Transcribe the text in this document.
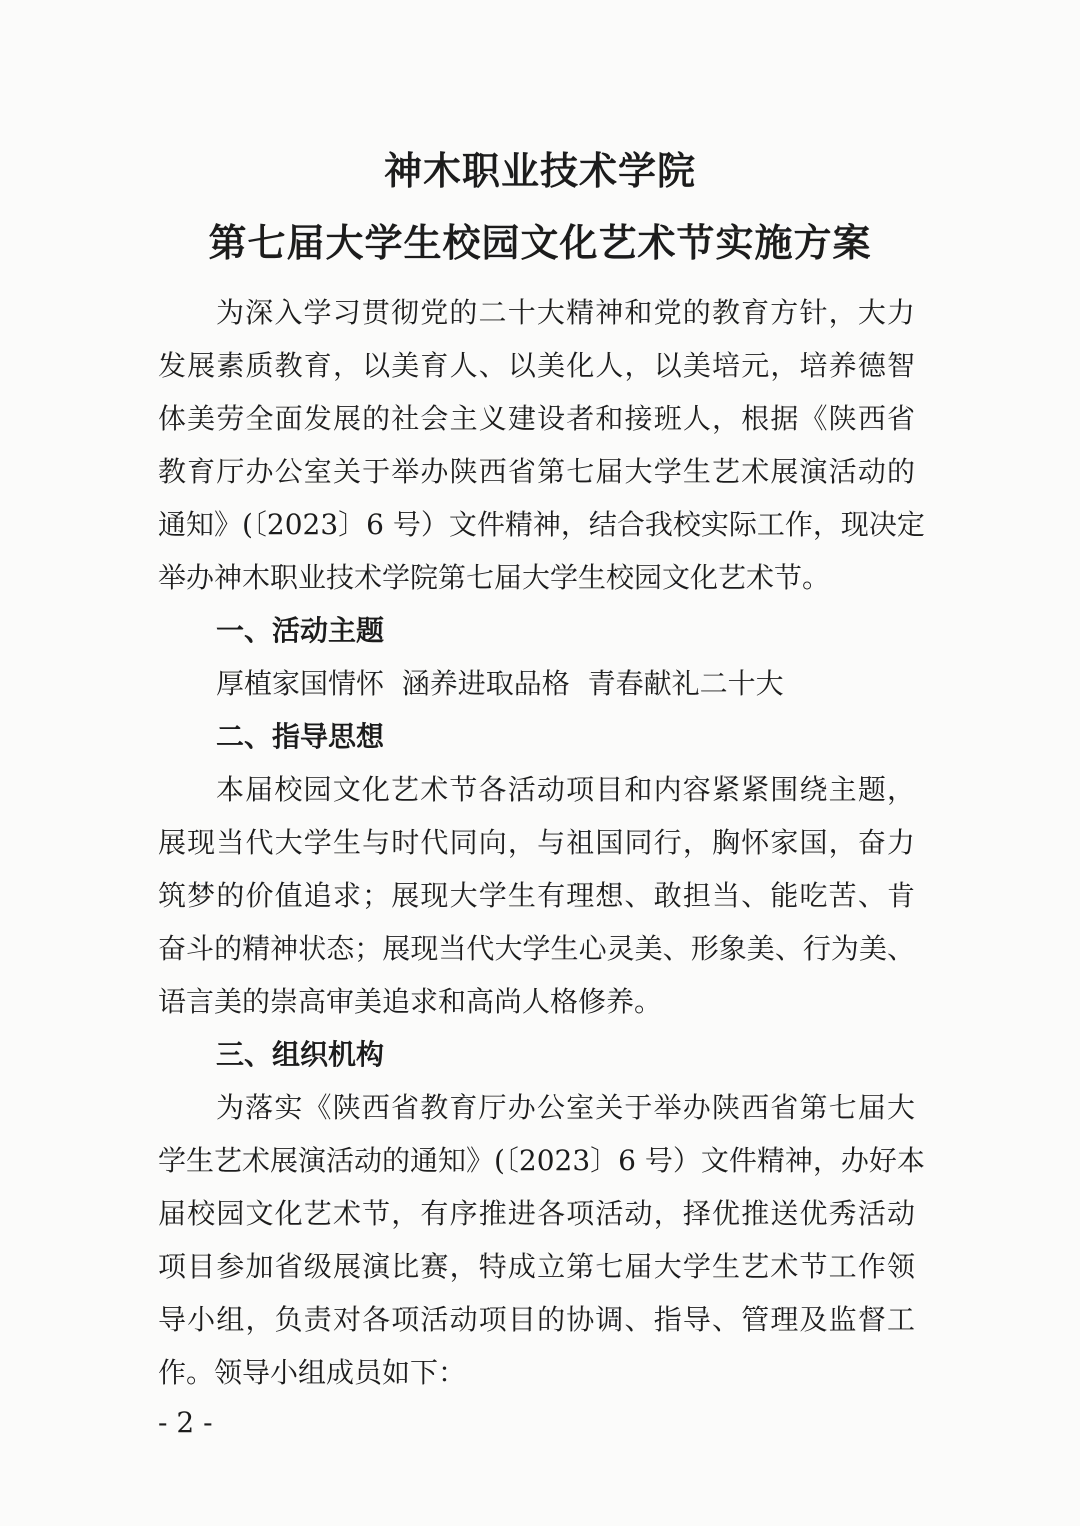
神木职业技术学院
第七届大学生校园文化艺术节实施方案
为深入学习贯彻党的二十大精神和党的教育方针，大力
发展素质教育，以美育人、以美化人，以美培元，培养德智
体美劳全面发展的社会主义建设者和接班人，根据《陕西省
教育厅办公室关于举办陕西省第七届大学生艺术展演活动的
通知》(〔2023〕6 号）文件精神，结合我校实际工作，现决定
举办神木职业技术学院第七届大学生校园文化艺术节。
一、活动主题
厚植家国情怀  涵养进取品格  青春献礼二十大
二、指导思想
本届校园文化艺术节各活动项目和内容紧紧围绕主题，
展现当代大学生与时代同向，与祖国同行，胸怀家国，奋力
筑梦的价值追求；展现大学生有理想、敢担当、能吃苦、肯
奋斗的精神状态；展现当代大学生心灵美、形象美、行为美、
语言美的崇高审美追求和高尚人格修养。
三、组织机构
为落实《陕西省教育厅办公室关于举办陕西省第七届大
学生艺术展演活动的通知》(〔2023〕6 号）文件精神，办好本
届校园文化艺术节，有序推进各项活动，择优推送优秀活动
项目参加省级展演比赛，特成立第七届大学生艺术节工作领
导小组，负责对各项活动项目的协调、指导、管理及监督工
作。领导小组成员如下：
- 2 -
